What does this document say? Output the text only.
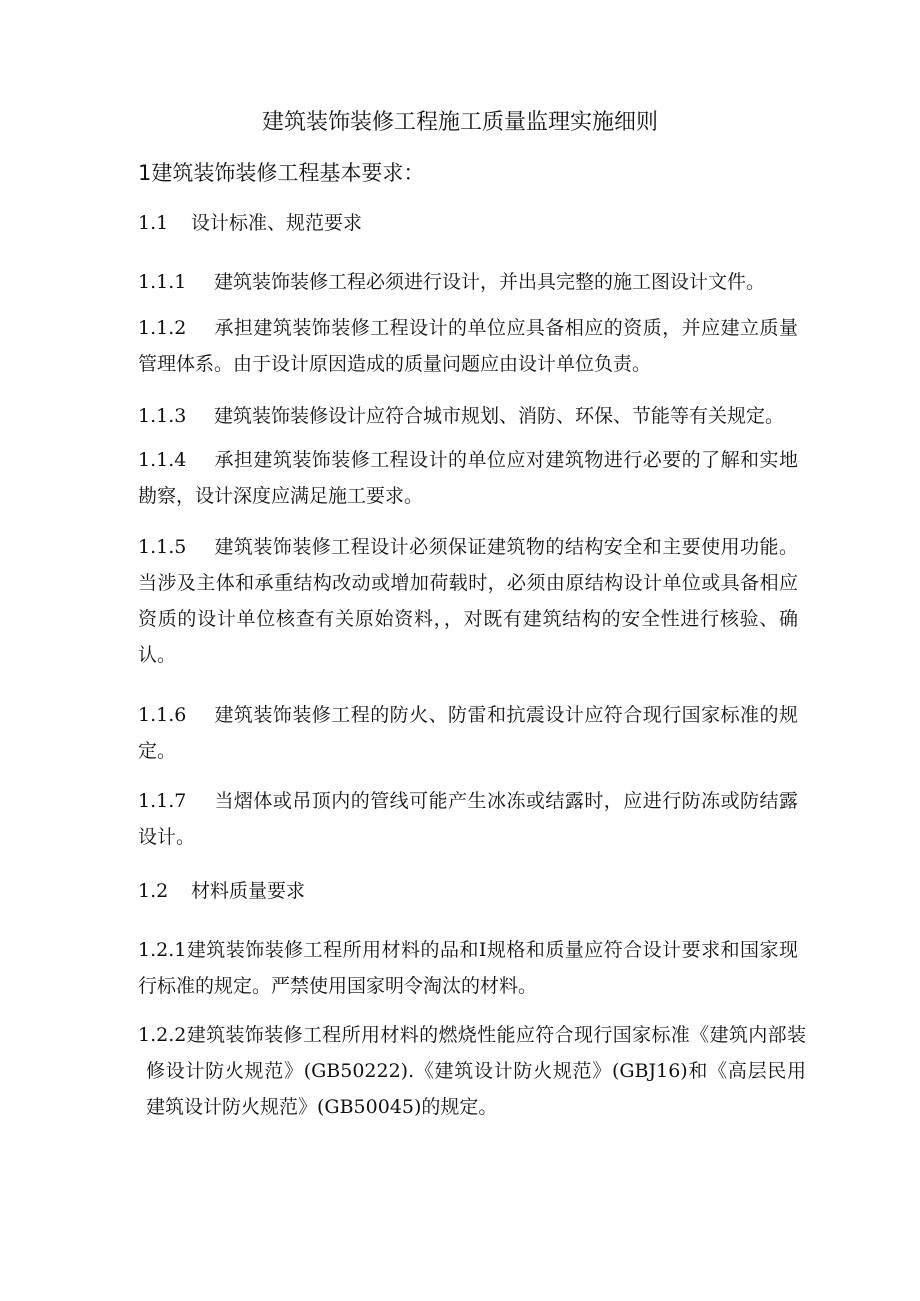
建筑装饰装修工程施工质量监理实施细则
1建筑装饰装修工程基本要求：
1.1 设计标准、规范要求
1.1.1 建筑装饰装修工程必须进行设计，并出具完整的施工图设计文件。
1.1.2 承担建筑装饰装修工程设计的单位应具备相应的资质，并应建立质量管理体系。由于设计原因造成的质量问题应由设计单位负责。
1.1.3 建筑装饰装修设计应符合城市规划、消防、环保、节能等有关规定。
1.1.4 承担建筑装饰装修工程设计的单位应对建筑物进行必要的了解和实地勘察，设计深度应满足施工要求。
1.1.5 建筑装饰装修工程设计必须保证建筑物的结构安全和主要使用功能。当涉及主体和承重结构改动或增加荷载时，必须由原结构设计单位或具备相应资质的设计单位核查有关原始资料，，对既有建筑结构的安全性进行核验、确认。
1.1.6 建筑装饰装修工程的防火、防雷和抗震设计应符合现行国家标准的规定。
1.1.7 当熠体或吊顶内的管线可能产生冰冻或结露时，应进行防冻或防结露设计。
1.2 材料质量要求
1.2.1建筑装饰装修工程所用材料的品和I规格和质量应符合设计要求和国家现行标准的规定。严禁使用国家明令淘汰的材料。
1.2.2建筑装饰装修工程所用材料的燃烧性能应符合现行国家标准《建筑内部装修设计防火规范》(GB50222).《建筑设计防火规范》(GBJ16)和《高层民用建筑设计防火规范》(GB50045)的规定。
